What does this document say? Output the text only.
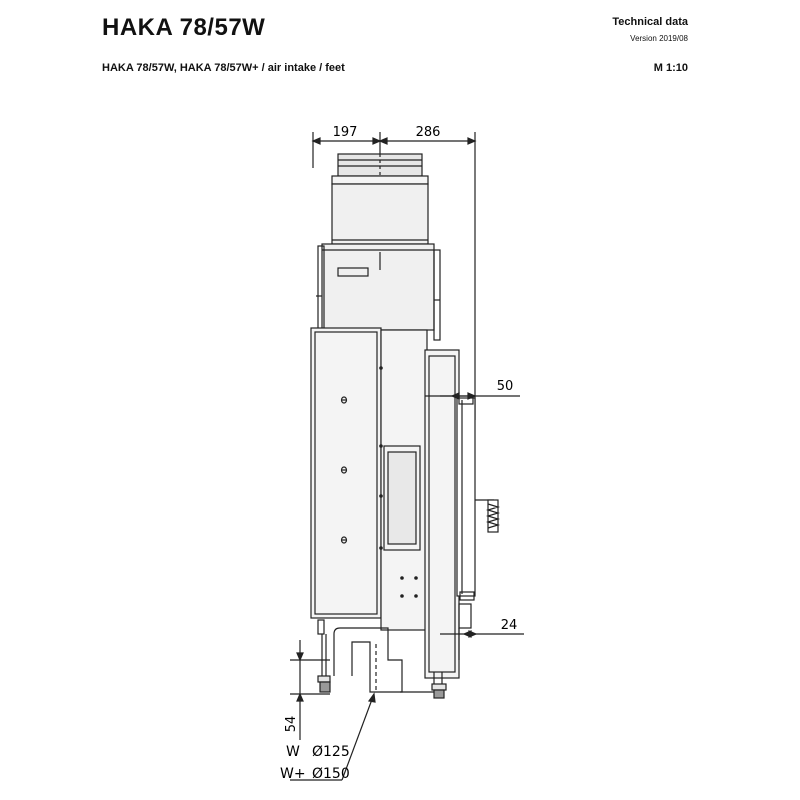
HAKA 78/57W	Technical data
Version 2019/08
HAKA 78/57W, HAKA 78/57W+ / air intake / feet	M 1:10
197	286
50
24
54
W Ø125
W+ Ø150
